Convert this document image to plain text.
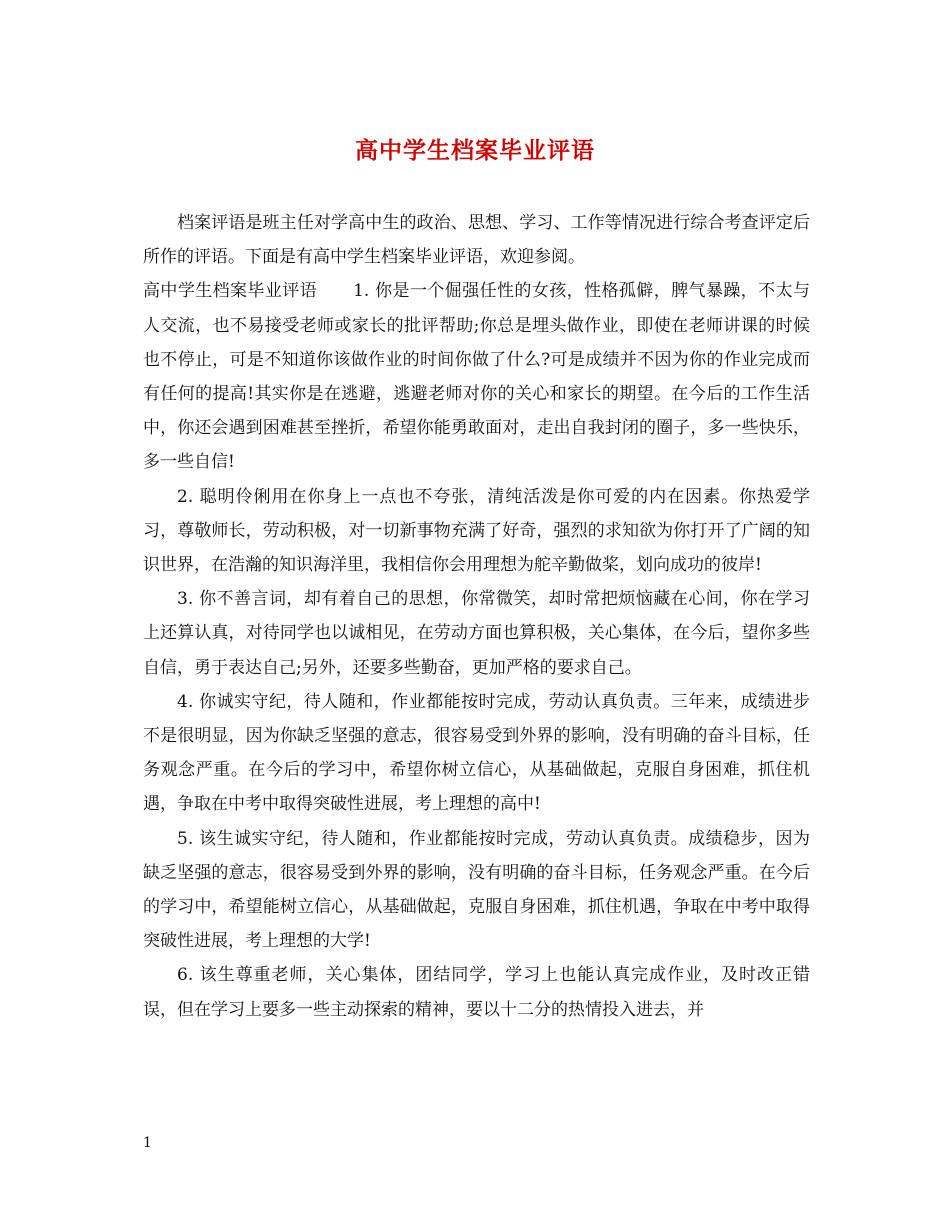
高中学生档案毕业评语

档案评语是班主任对学高中生的政治、思想、学习、工作等情况进行综合考查评定后所作的评语。下面是有高中学生档案毕业评语，欢迎参阅。

高中学生档案毕业评语 1. 你是一个倔强任性的女孩，性格孤僻，脾气暴躁，不太与人交流，也不易接受老师或家长的批评帮助;你总是埋头做作业，即使在老师讲课的时候也不停止，可是不知道你该做作业的时间你做了什么?可是成绩并不因为你的作业完成而有任何的提高!其实你是在逃避，逃避老师对你的关心和家长的期望。在今后的工作生活中，你还会遇到困难甚至挫折，希望你能勇敢面对，走出自我封闭的圈子，多一些快乐，多一些自信!

2. 聪明伶俐用在你身上一点也不夸张，清纯活泼是你可爱的内在因素。你热爱学习，尊敬师长，劳动积极，对一切新事物充满了好奇，强烈的求知欲为你打开了广阔的知识世界，在浩瀚的知识海洋里，我相信你会用理想为舵辛勤做桨，划向成功的彼岸!

3. 你不善言词，却有着自己的思想，你常微笑，却时常把烦恼藏在心间，你在学习上还算认真，对待同学也以诚相见，在劳动方面也算积极，关心集体，在今后，望你多些自信，勇于表达自己;另外，还要多些勤奋，更加严格的要求自己。

4. 你诚实守纪，待人随和，作业都能按时完成，劳动认真负责。三年来，成绩进步不是很明显，因为你缺乏坚强的意志，很容易受到外界的影响，没有明确的奋斗目标，任务观念严重。在今后的学习中，希望你树立信心，从基础做起，克服自身困难，抓住机遇，争取在中考中取得突破性进展，考上理想的高中!

5. 该生诚实守纪，待人随和，作业都能按时完成，劳动认真负责。成绩稳步，因为缺乏坚强的意志，很容易受到外界的影响，没有明确的奋斗目标，任务观念严重。在今后的学习中，希望能树立信心，从基础做起，克服自身困难，抓住机遇，争取在中考中取得突破性进展，考上理想的大学!

6. 该生尊重老师，关心集体，团结同学，学习上也能认真完成作业，及时改正错误，但在学习上要多一些主动探索的精神，要以十二分的热情投入进去，并

1
